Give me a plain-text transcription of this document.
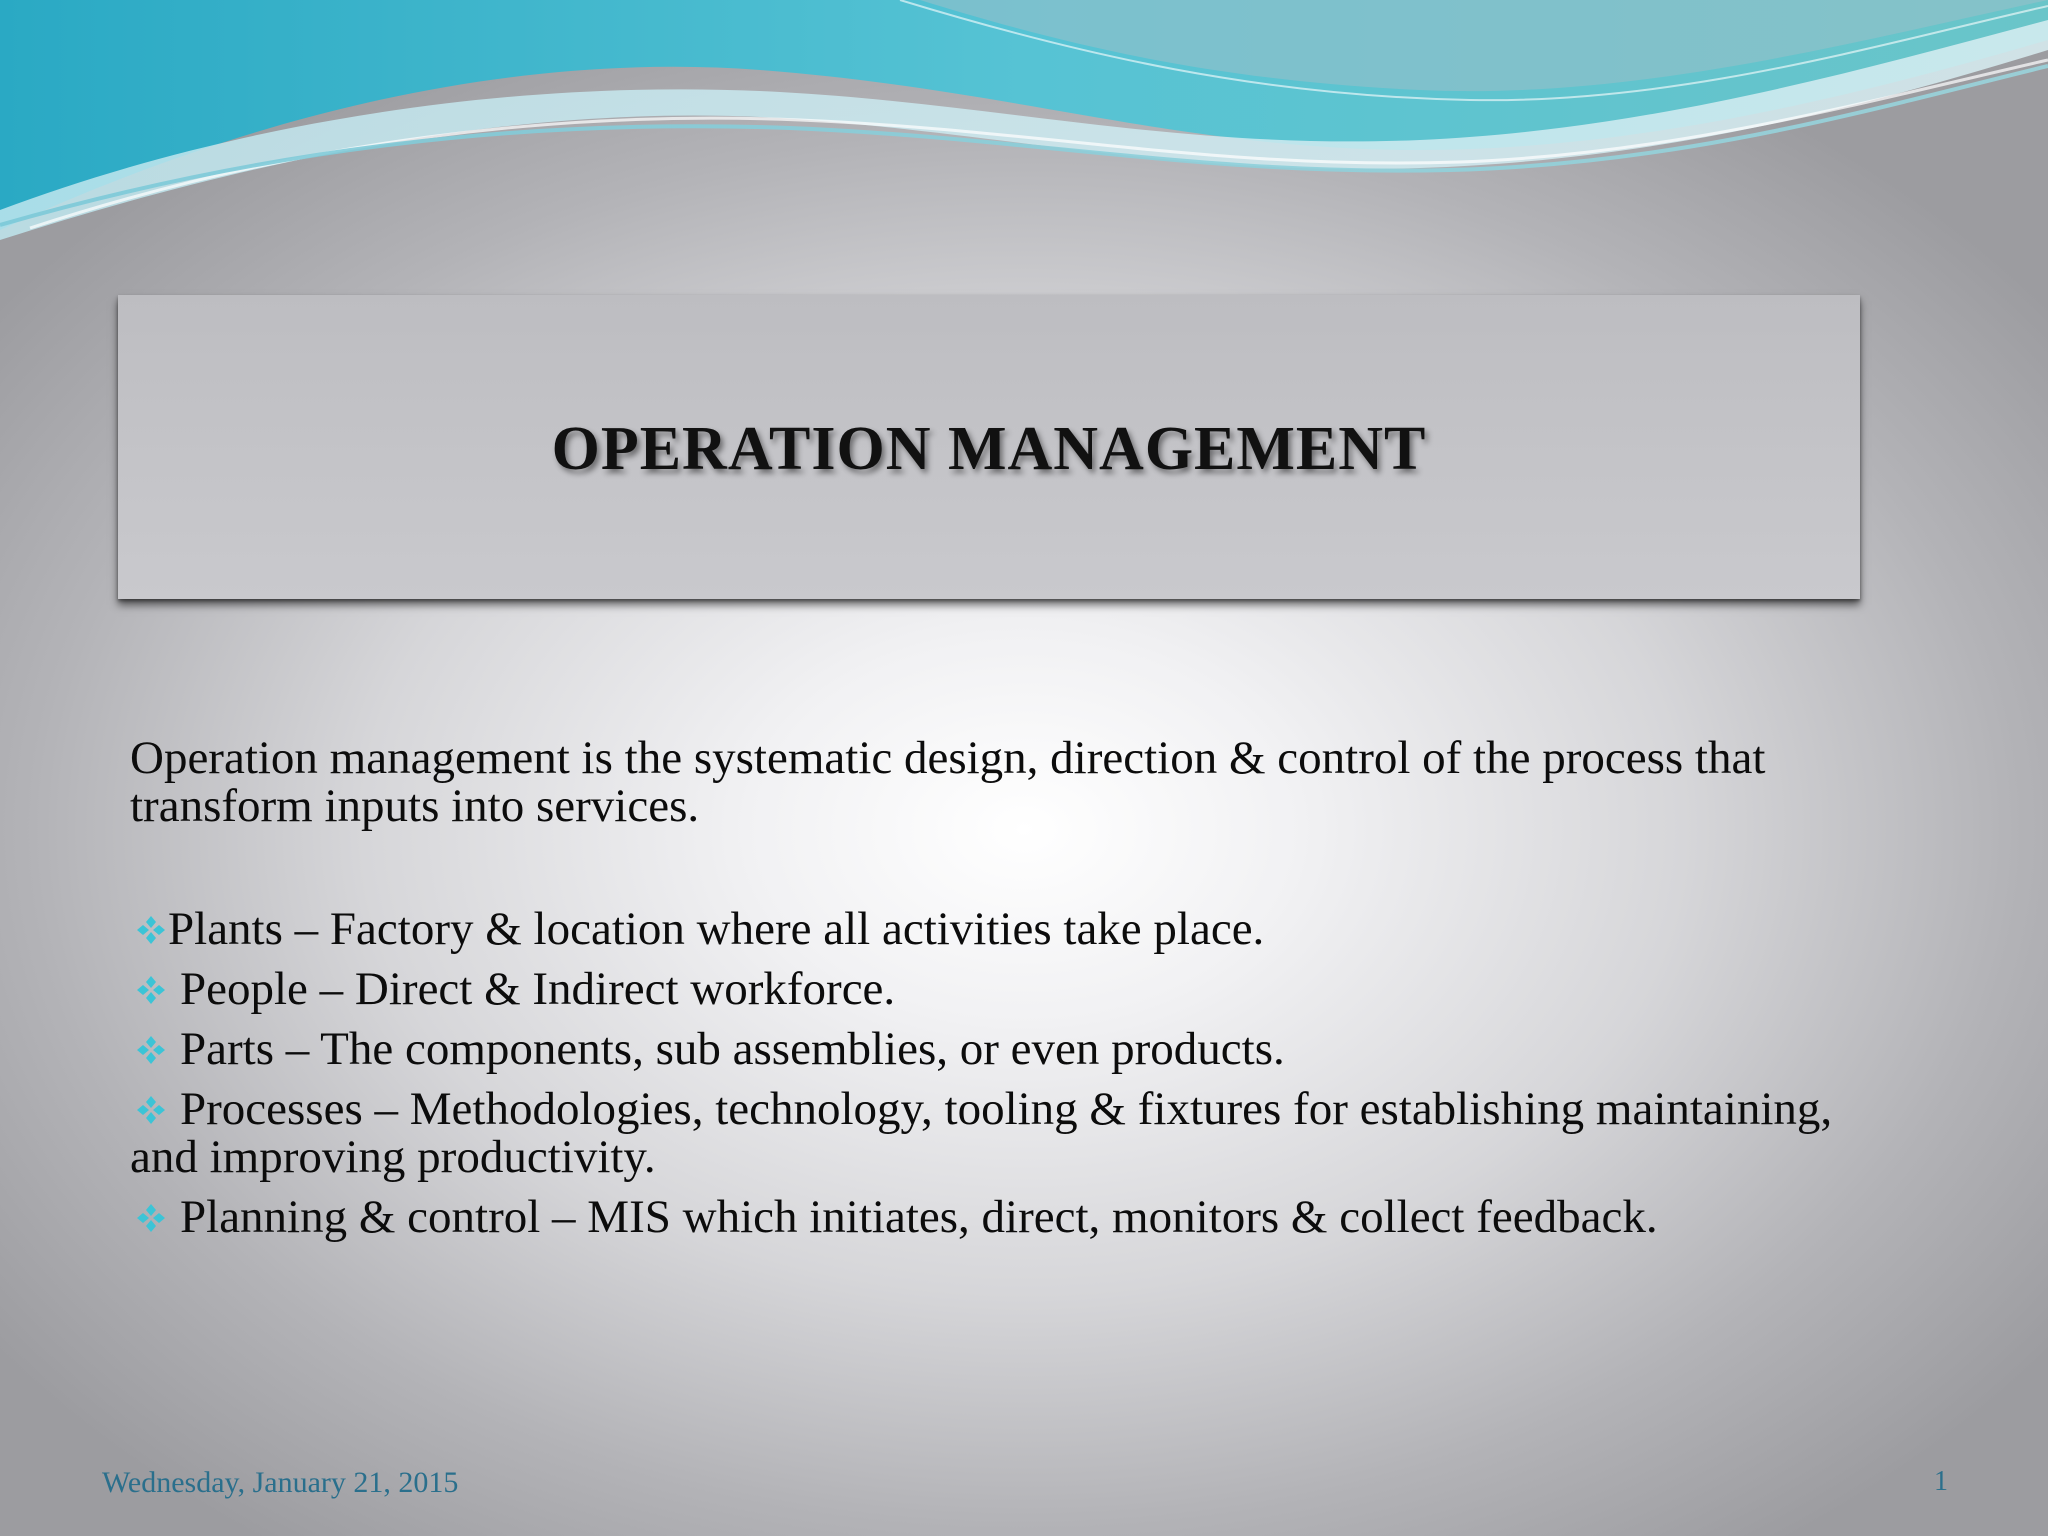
OPERATION MANAGEMENT

Operation management is the systematic design, direction & control of the process that transform inputs into services.

Plants – Factory & location where all activities take place.

People – Direct & Indirect workforce.

Parts – The components, sub assemblies, or even products.

Processes – Methodologies, technology, tooling & fixtures for establishing maintaining, and improving productivity.

Planning & control – MIS which initiates, direct, monitors & collect feedback.

Wednesday, January 21, 2015	1
